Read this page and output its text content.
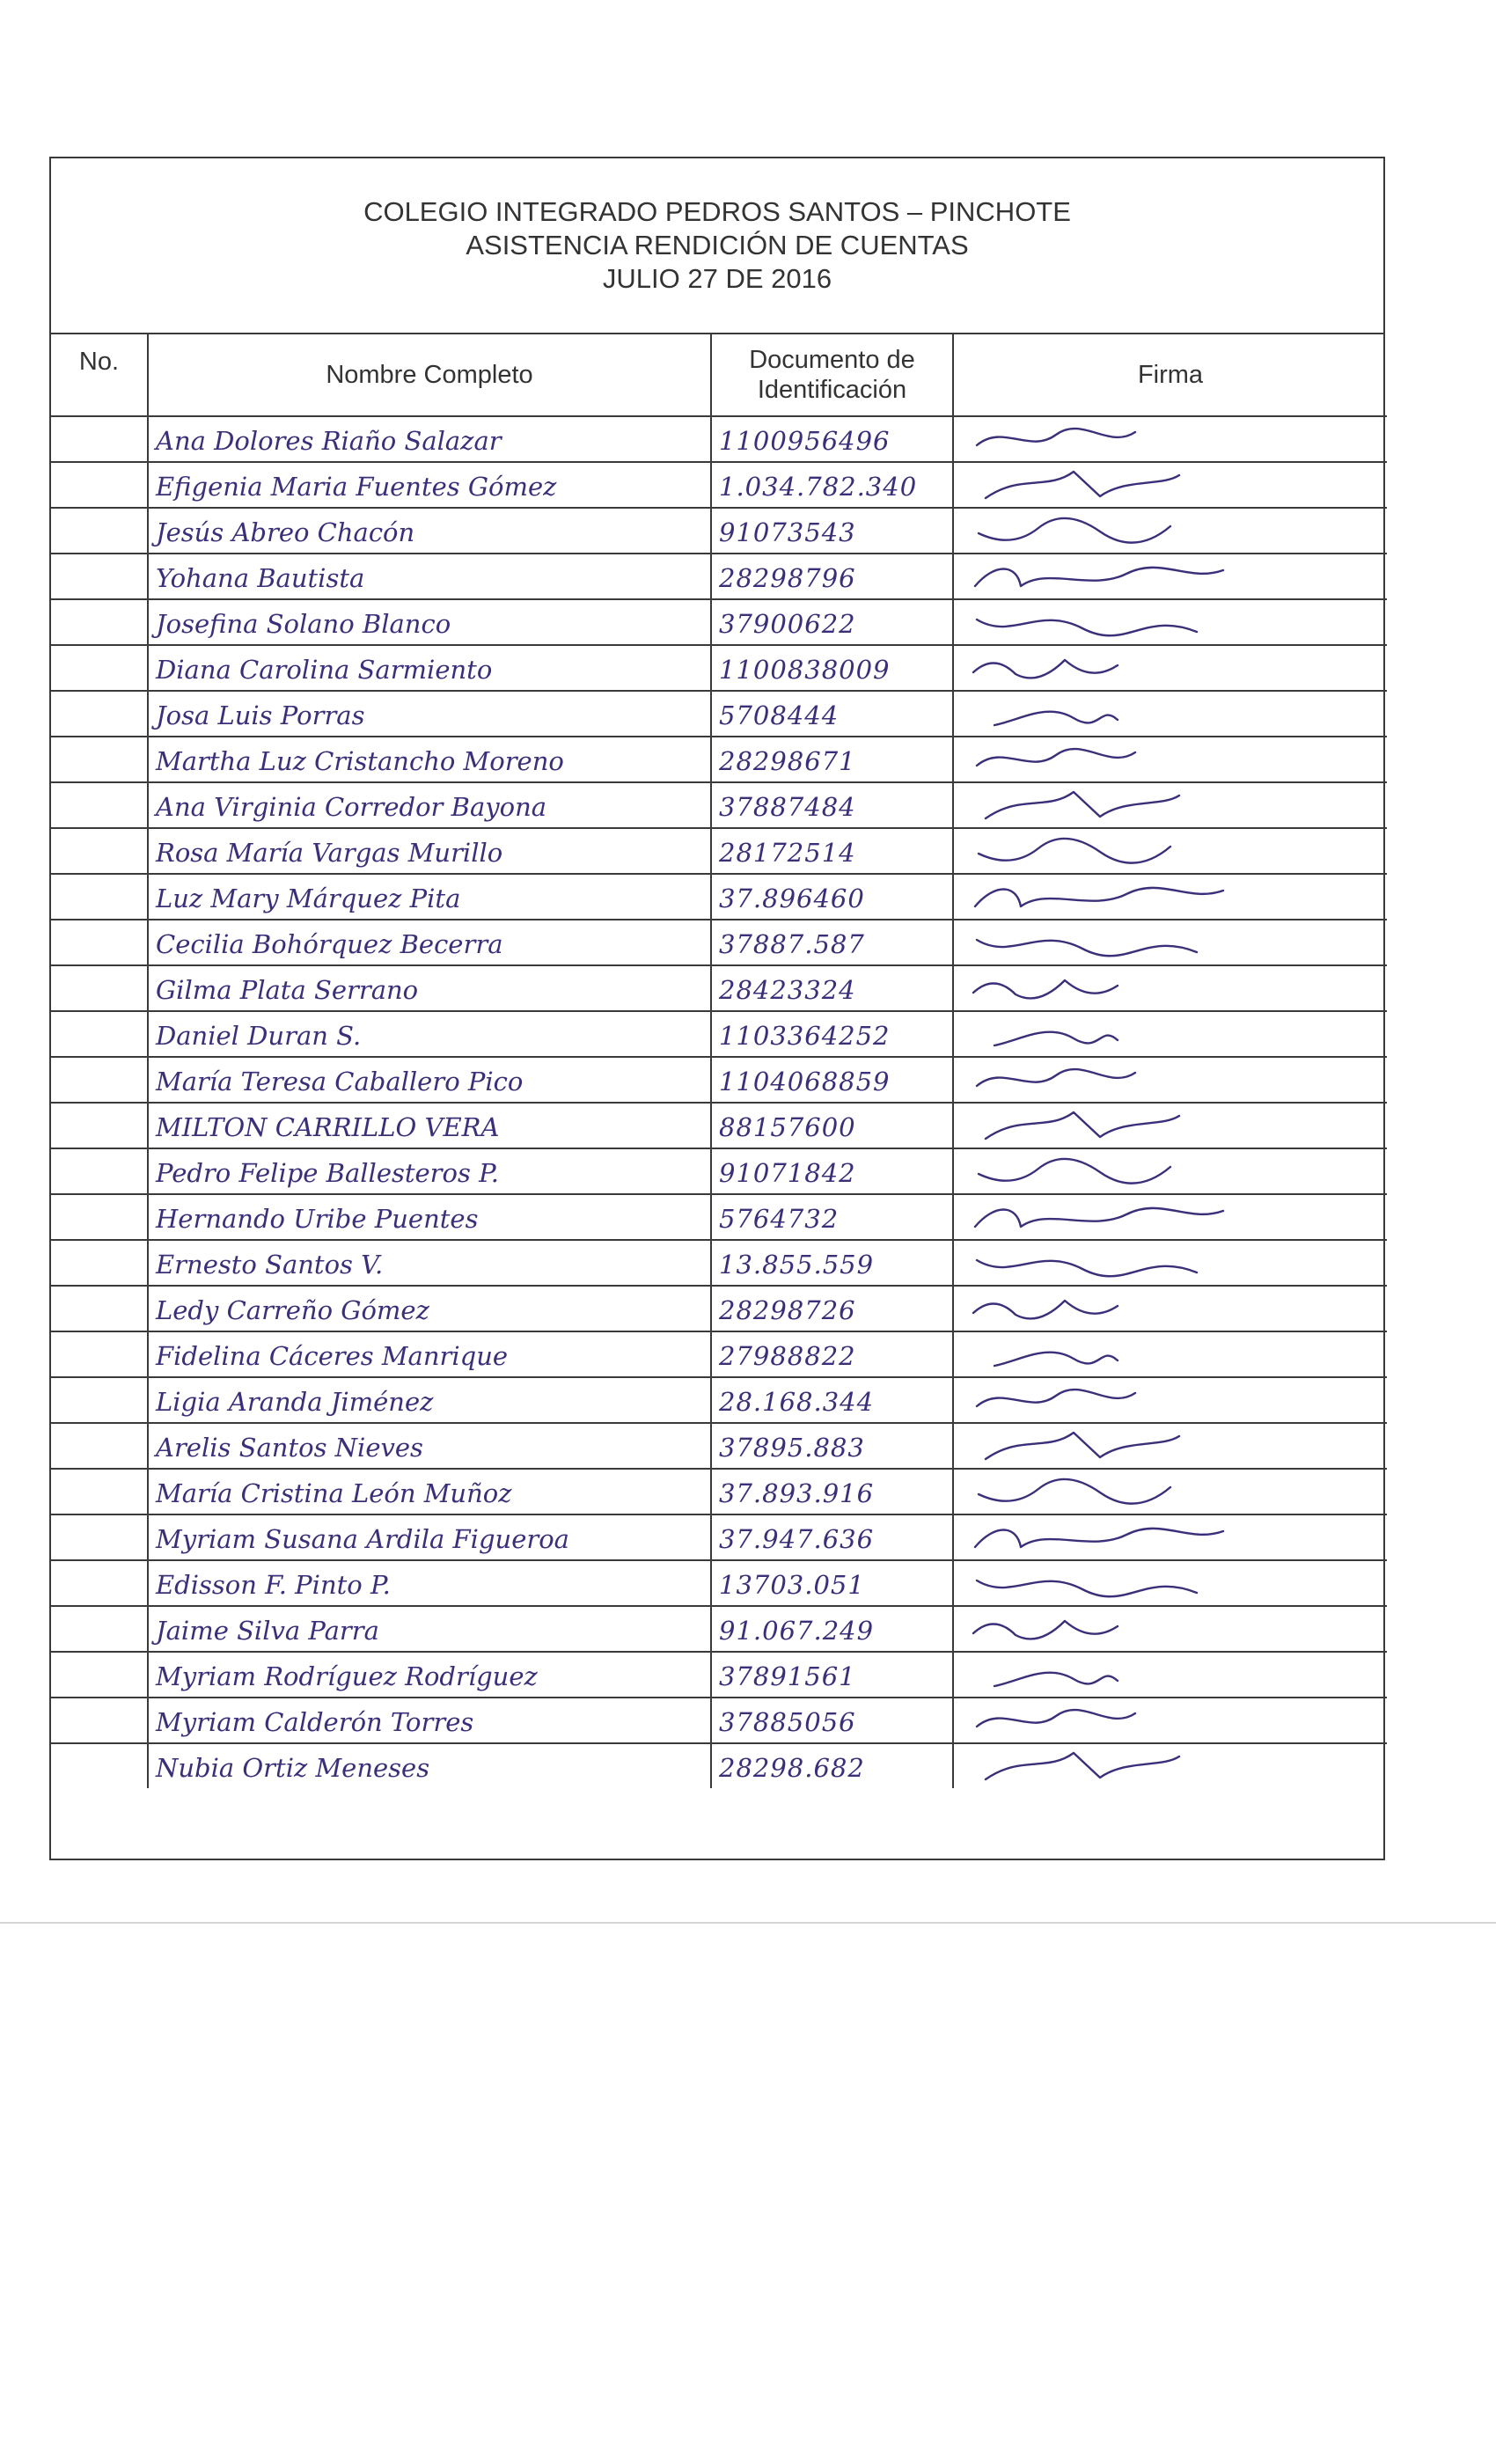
COLEGIO INTEGRADO PEDROS SANTOS – PINCHOTE
ASISTENCIA RENDICIÓN DE CUENTAS
JULIO 27 DE 2016
No.	Nombre Completo	Documento de Identificación	Firma
	Ana Dolores Riaño Salazar	1100956496	

	Efigenia Maria Fuentes Gómez	1.034.782.340	

	Jesús Abreo Chacón	91073543	

	Yohana Bautista	28298796	

	Josefina Solano Blanco	37900622	

	Diana Carolina Sarmiento	1100838009	

	Josa Luis Porras	5708444	

	Martha Luz Cristancho Moreno	28298671	

	Ana Virginia Corredor Bayona	37887484	

	Rosa María Vargas Murillo	28172514	

	Luz Mary Márquez Pita	37.896460	

	Cecilia Bohórquez Becerra	37887.587	

	Gilma Plata Serrano	28423324	

	Daniel Duran S.	1103364252	

	María Teresa Caballero Pico	1104068859	

	MILTON CARRILLO VERA	88157600	

	Pedro Felipe Ballesteros P.	91071842	

	Hernando Uribe Puentes	5764732	

	Ernesto Santos V.	13.855.559	

	Ledy Carreño Gómez	28298726	

	Fidelina Cáceres Manrique	27988822	

	Ligia Aranda Jiménez	28.168.344	

	Arelis Santos Nieves	37895.883	

	María Cristina León Muñoz	37.893.916	

	Myriam Susana Ardila Figueroa	37.947.636	

	Edisson F. Pinto P.	13703.051	

	Jaime Silva Parra	91.067.249	

	Myriam Rodríguez Rodríguez	37891561	

	Myriam Calderón Torres	37885056	

	Nubia Ortiz Meneses	28298.682	
